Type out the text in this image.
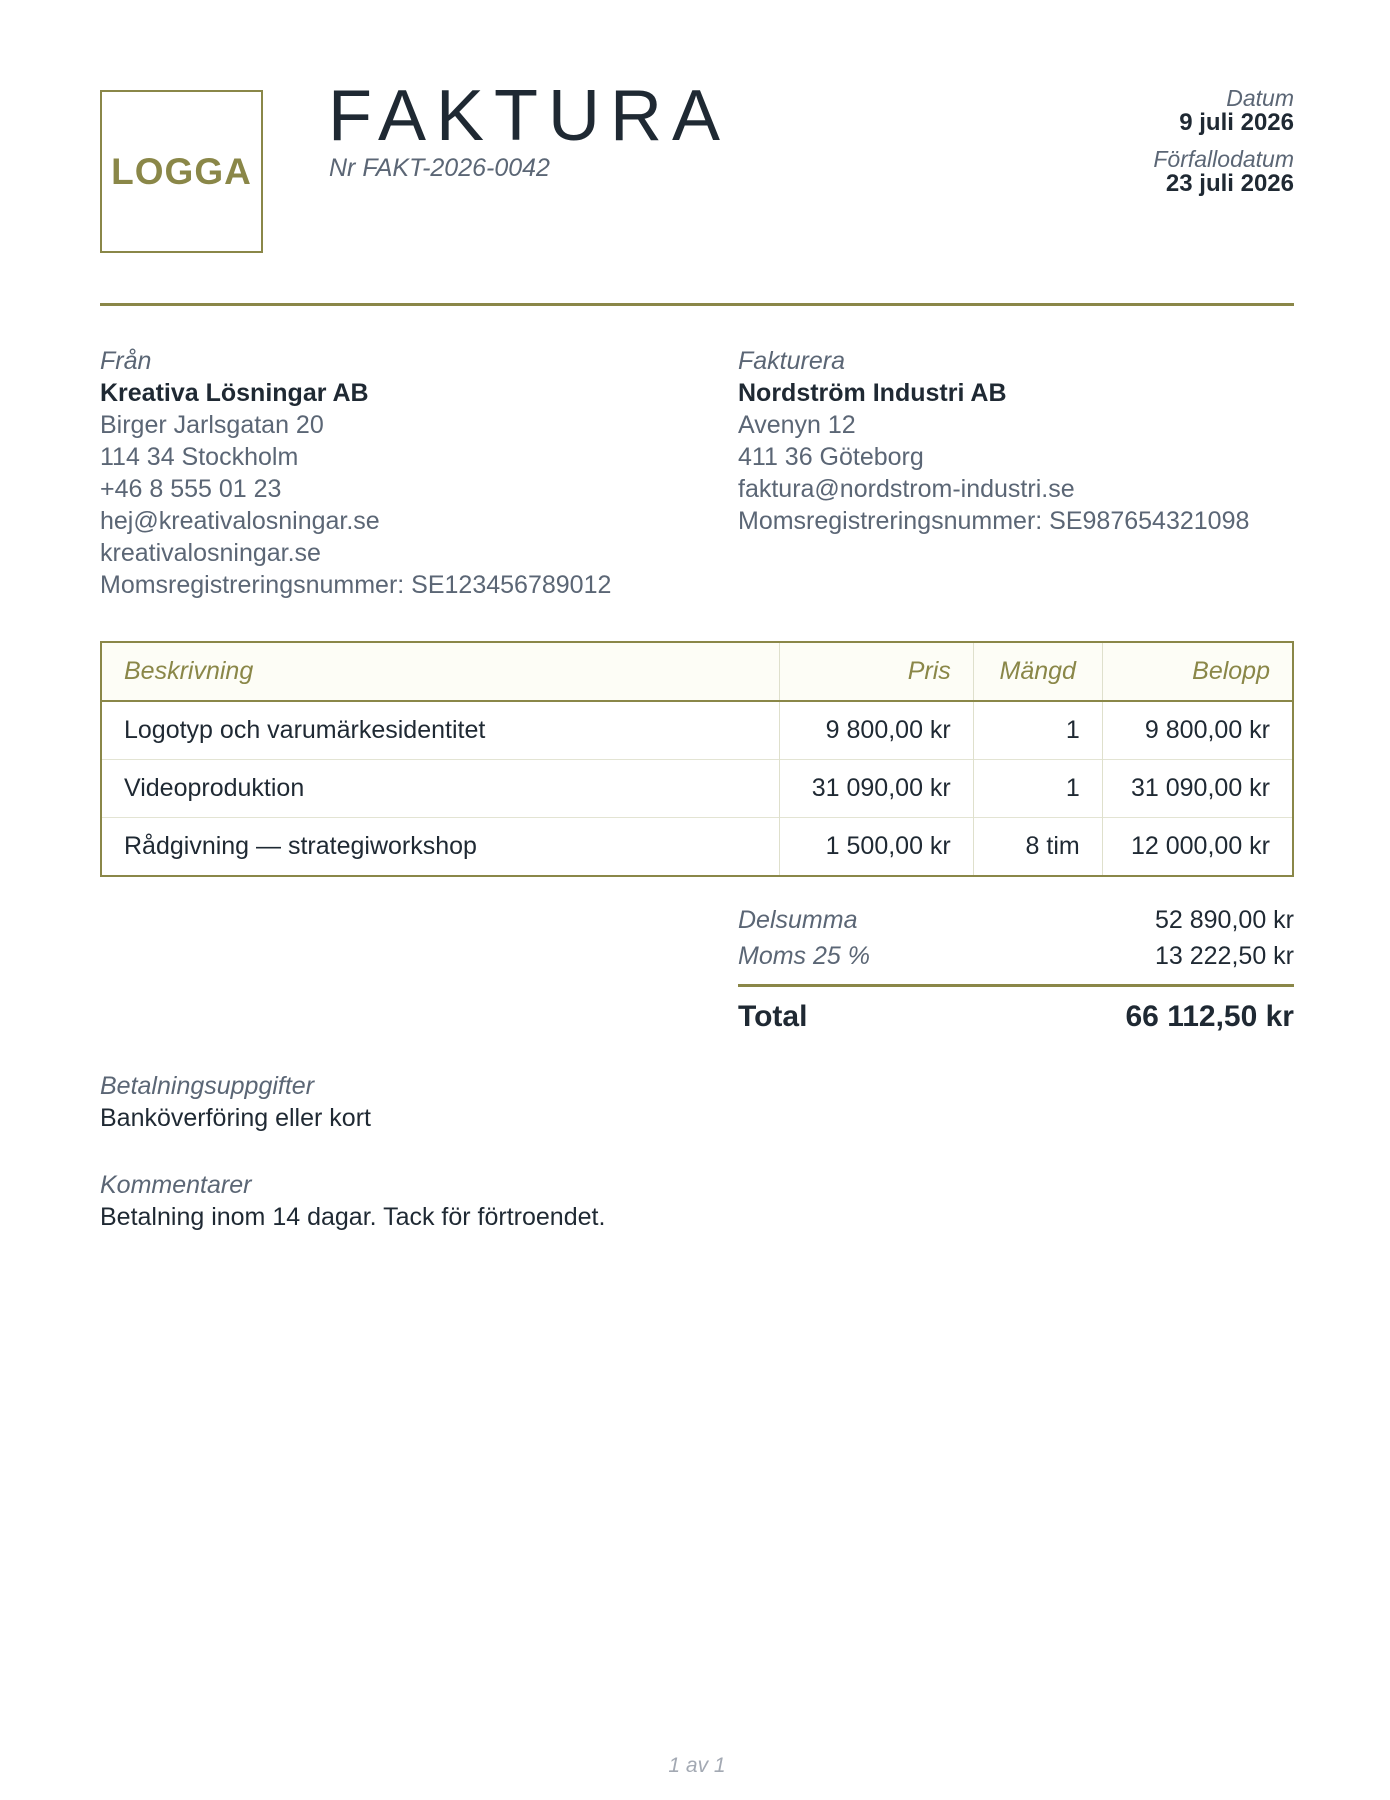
LOGGA
FAKTURA
Nr FAKT-2026-0042
Datum
9 juli 2026
Förfallodatum
23 juli 2026
Från
Kreativa Lösningar AB
Birger Jarlsgatan 20
114 34 Stockholm
+46 8 555 01 23
hej@kreativalosningar.se
kreativalosningar.se
Momsregistreringsnummer: SE123456789012
Fakturera
Nordström Industri AB
Avenyn 12
411 36 Göteborg
faktura@nordstrom-industri.se
Momsregistreringsnummer: SE987654321098
Beskrivning	Pris	Mängd	Belopp
Logotyp och varumärkesidentitet	9 800,00 kr	1	9 800,00 kr
Videoproduktion	31 090,00 kr	1	31 090,00 kr
Rådgivning — strategiworkshop	1 500,00 kr	8 tim	12 000,00 kr
Delsumma	52 890,00 kr
Moms 25 %	13 222,50 kr
Total	66 112,50 kr
Betalningsuppgifter
Banköverföring eller kort
Kommentarer
Betalning inom 14 dagar. Tack för förtroendet.
1 av 1
